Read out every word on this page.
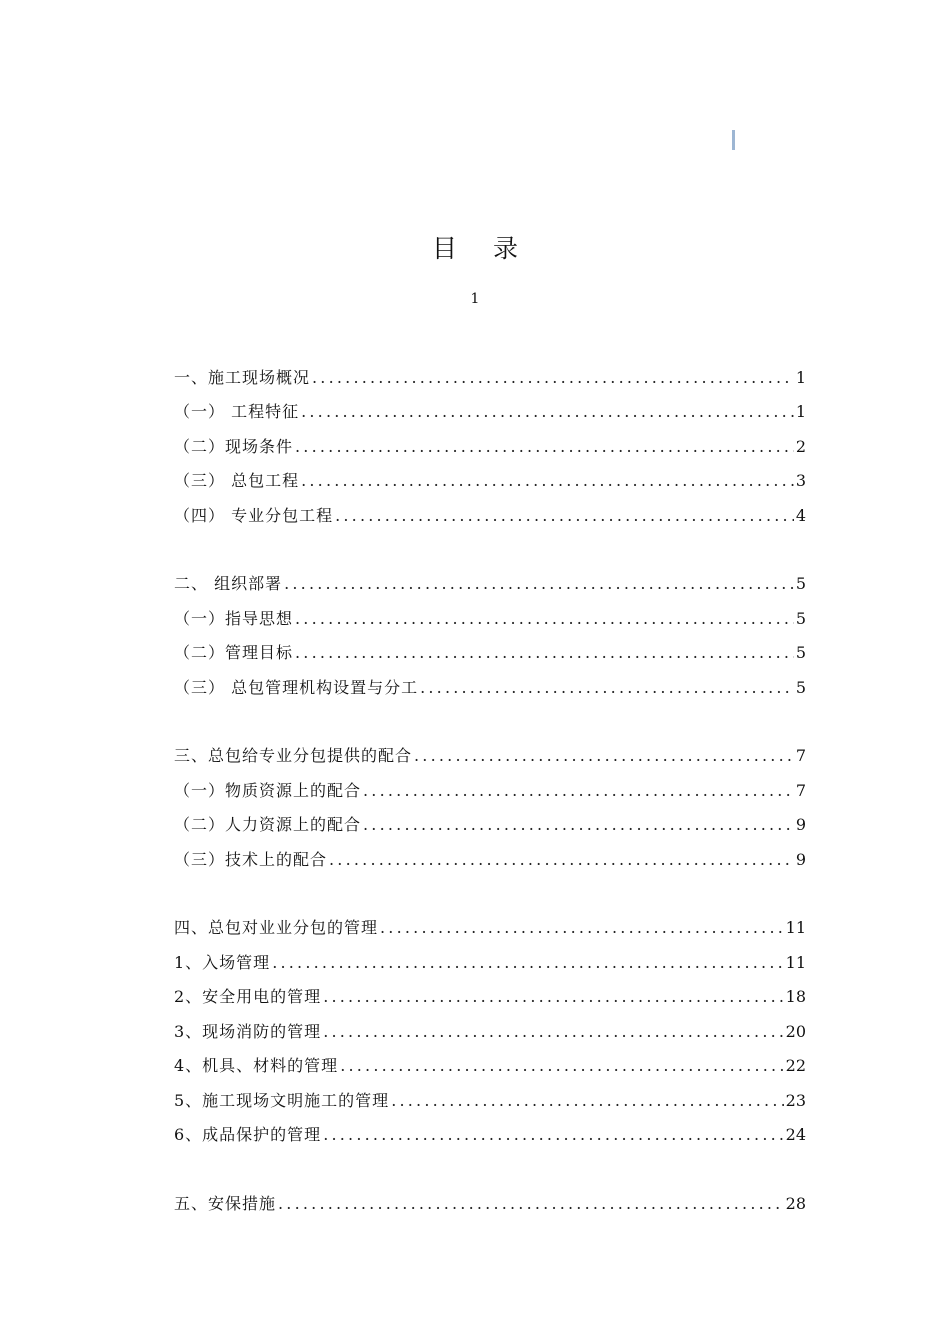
目 录
1
一、施工现场概况 .....	1
（一） 工程特征 .....	1
（二）现场条件 .....	2
（三） 总包工程 .....	3
（四） 专业分包工程 .....	4
二、 组织部署 .....	5
（一）指导思想 .....	5
（二）管理目标 .....	5
（三） 总包管理机构设置与分工 .....	5
三、总包给专业分包提供的配合 .....	7
（一）物质资源上的配合 .....	7
（二）人力资源上的配合 .....	9
（三）技术上的配合 .....	9
四、总包对业业分包的管理 .....	11
1、入场管理 .....	11
2、安全用电的管理 .....	18
3、现场消防的管理 .....	20
4、机具、材料的管理 .....	22
5、施工现场文明施工的管理 .....	23
6、成品保护的管理 .....	24
五、安保措施 .....	28
